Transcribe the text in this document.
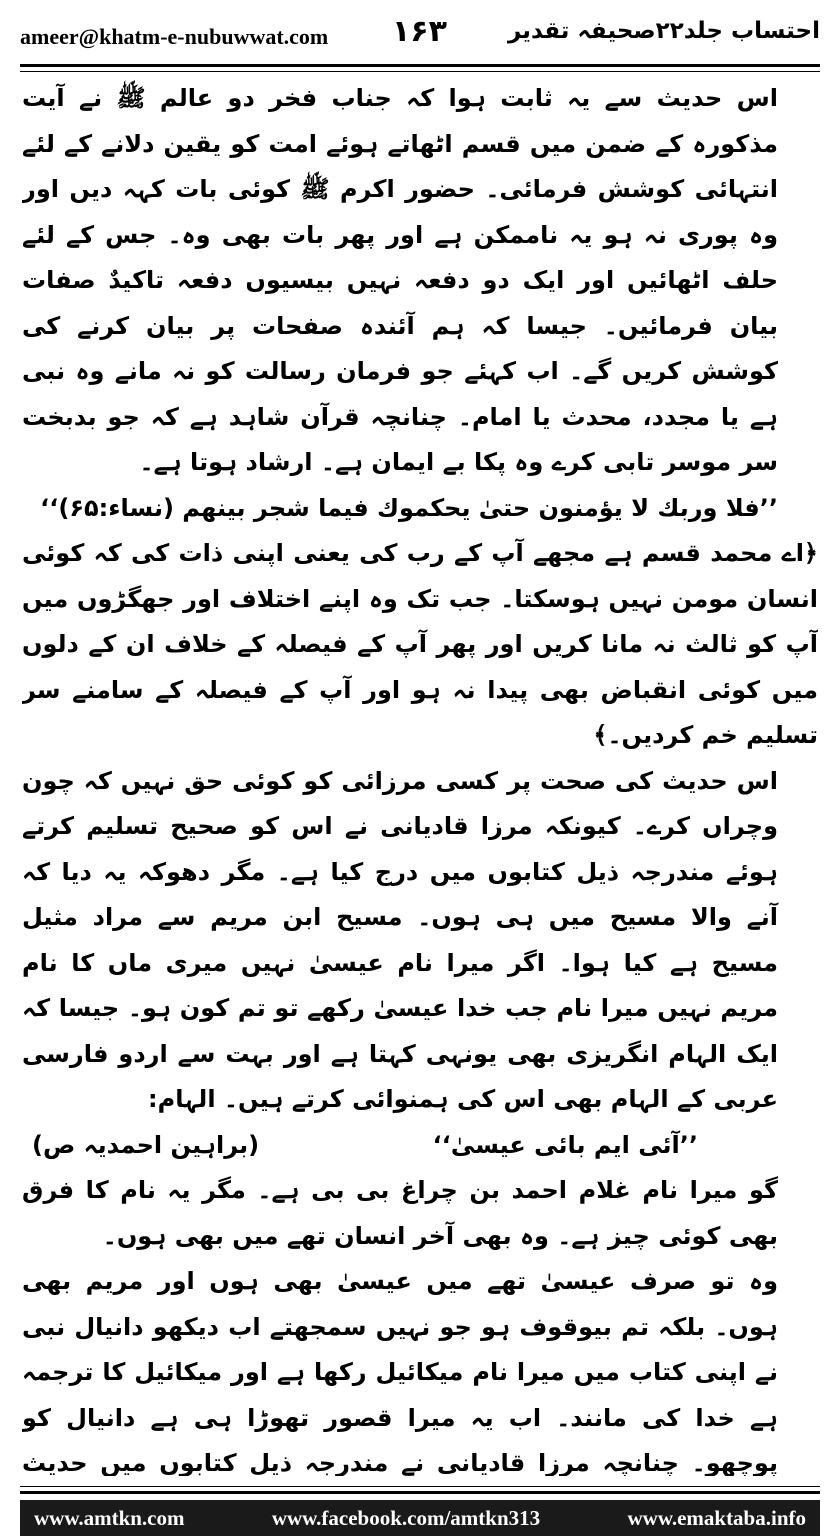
ameer@khatm-e-nubuwwat.com ۱۶۳	احتساب جلد۲۲صحیفہ تقدیر

اس حدیث سے یہ ثابت ہوا کہ جناب فخر دو عالم ﷺ نے آیت مذکورہ کے ضمن میں قسم اٹھاتے ہوئے امت کو یقین دلانے کے لئے انتہائی کوشش فرمائی۔ حضور اکرم ﷺ کوئی بات کہہ دیں اور وہ پوری نہ ہو یہ ناممکن ہے اور پھر بات بھی وہ۔ جس کے لئے حلف اٹھائیں اور ایک دو دفعہ نہیں بیسیوں دفعہ تاکیدٌ صفات بیان فرمائیں۔ جیسا کہ ہم آئندہ صفحات پر بیان کرنے کی کوشش کریں گے۔ اب کہئے جو فرمان رسالت کو نہ مانے وہ نبی ہے یا مجدد، محدث یا امام۔ چنانچہ قرآن شاہد ہے کہ جو بدبخت سر موسر تابی کرے وہ پکا بے ایمان ہے۔ ارشاد ہوتا ہے۔

’’فلا وربك لا یؤمنون حتیٰ یحکموك فیما شجر بینهم (نساء:۶۵)‘‘

﴿اے محمد قسم ہے مجھے آپ کے رب کی یعنی اپنی ذات کی کہ کوئی انسان مومن نہیں ہوسکتا۔ جب تک وہ اپنے اختلاف اور جھگڑوں میں آپ کو ثالث نہ مانا کریں اور پھر آپ کے فیصلہ کے خلاف ان کے دلوں میں کوئی انقباض بھی پیدا نہ ہو اور آپ کے فیصلہ کے سامنے سر تسلیم خم کردیں۔﴾

اس حدیث کی صحت پر کسی مرزائی کو کوئی حق نہیں کہ چون وچراں کرے۔ کیونکہ مرزا قادیانی نے اس کو صحیح تسلیم کرتے ہوئے مندرجہ ذیل کتابوں میں درج کیا ہے۔ مگر دھوکہ یہ دیا کہ آنے والا مسیح میں ہی ہوں۔ مسیح ابن مریم سے مراد مثیل مسیح ہے کیا ہوا۔ اگر میرا نام عیسیٰ نہیں میری ماں کا نام مریم نہیں میرا نام جب خدا عیسیٰ رکھے تو تم کون ہو۔ جیسا کہ ایک الہام انگریزی بھی یونہی کہتا ہے اور بہت سے اردو فارسی عربی کے الہام بھی اس کی ہمنوائی کرتے ہیں۔ الہام:

’’آئی ایم بائی عیسیٰ‘‘
(براہین احمدیہ ص)

گو میرا نام غلام احمد بن چراغ بی بی ہے۔ مگر یہ نام کا فرق بھی کوئی چیز ہے۔ وہ بھی آخر انسان تھے میں بھی ہوں۔

وہ تو صرف عیسیٰ تھے میں عیسیٰ بھی ہوں اور مریم بھی ہوں۔ بلکہ تم بیوقوف ہو جو نہیں سمجھتے اب دیکھو دانیال نبی نے اپنی کتاب میں میرا نام میکائیل رکھا ہے اور میکائیل کا ترجمہ ہے خدا کی مانند۔ اب یہ میرا قصور تھوڑا ہی ہے دانیال کو پوچھو۔ چنانچہ مرزا قادیانی نے مندرجہ ذیل کتابوں میں حدیث

www.amtkn.com	www.facebook.com/amtkn313	www.emaktaba.info
